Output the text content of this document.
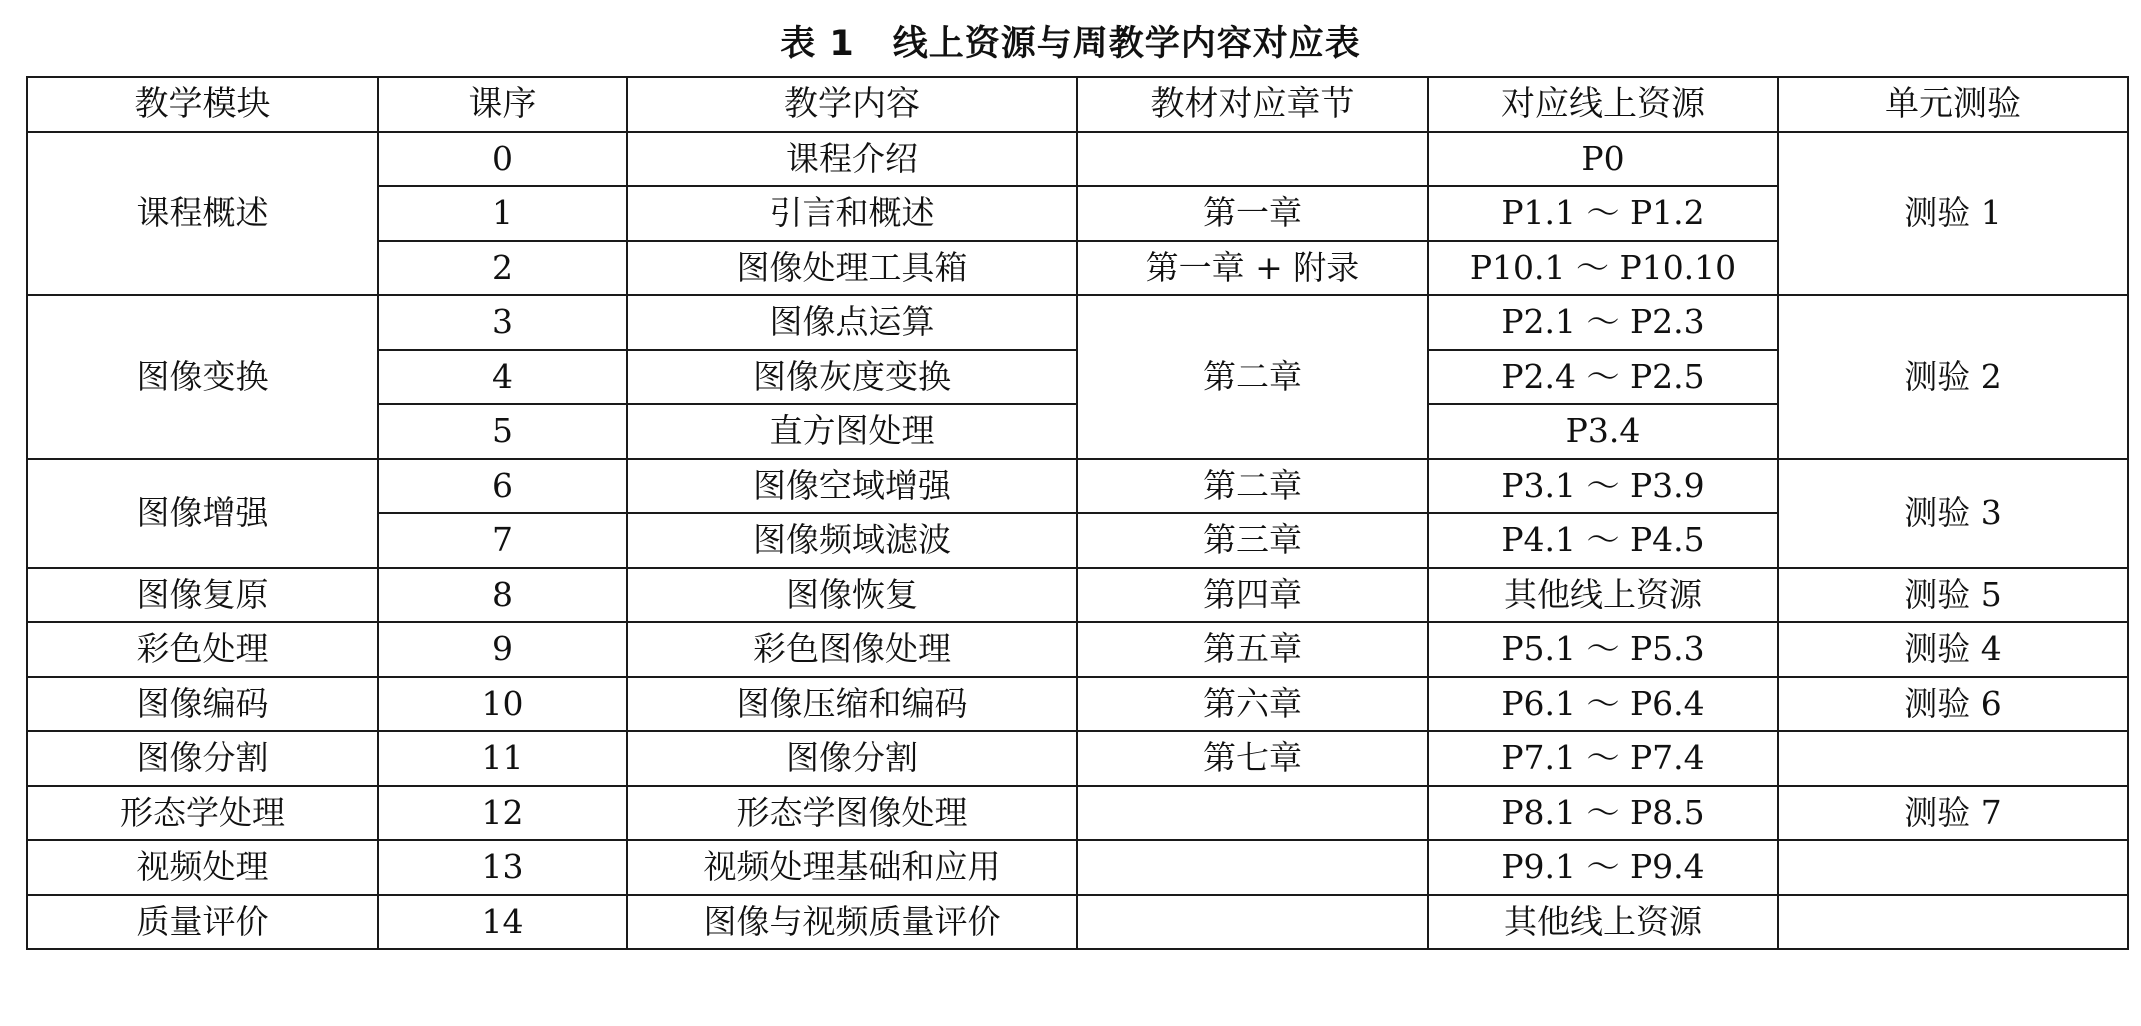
表 1 线上资源与周教学内容对应表
教学模块	课序	教学内容	教材对应章节	对应线上资源	单元测验
课程概述	0	课程介绍		P0	测验 1
	1	引言和概述	第一章	P1.1 ～ P1.2	
	2	图像处理工具箱	第一章 + 附录	P10.1 ～ P10.10	
图像变换	3	图像点运算	第二章	P2.1 ～ P2.3	测验 2
	4	图像灰度变换		P2.4 ～ P2.5	
	5	直方图处理		P3.4	
图像增强	6	图像空域增强	第二章	P3.1 ～ P3.9	测验 3
	7	图像频域滤波	第三章	P4.1 ～ P4.5	
图像复原	8	图像恢复	第四章	其他线上资源	测验 5
彩色处理	9	彩色图像处理	第五章	P5.1 ～ P5.3	测验 4
图像编码	10	图像压缩和编码	第六章	P6.1 ～ P6.4	测验 6
图像分割	11	图像分割	第七章	P7.1 ～ P7.4	
形态学处理	12	形态学图像处理		P8.1 ～ P8.5	测验 7
视频处理	13	视频处理基础和应用		P9.1 ～ P9.4	
质量评价	14	图像与视频质量评价		其他线上资源	
